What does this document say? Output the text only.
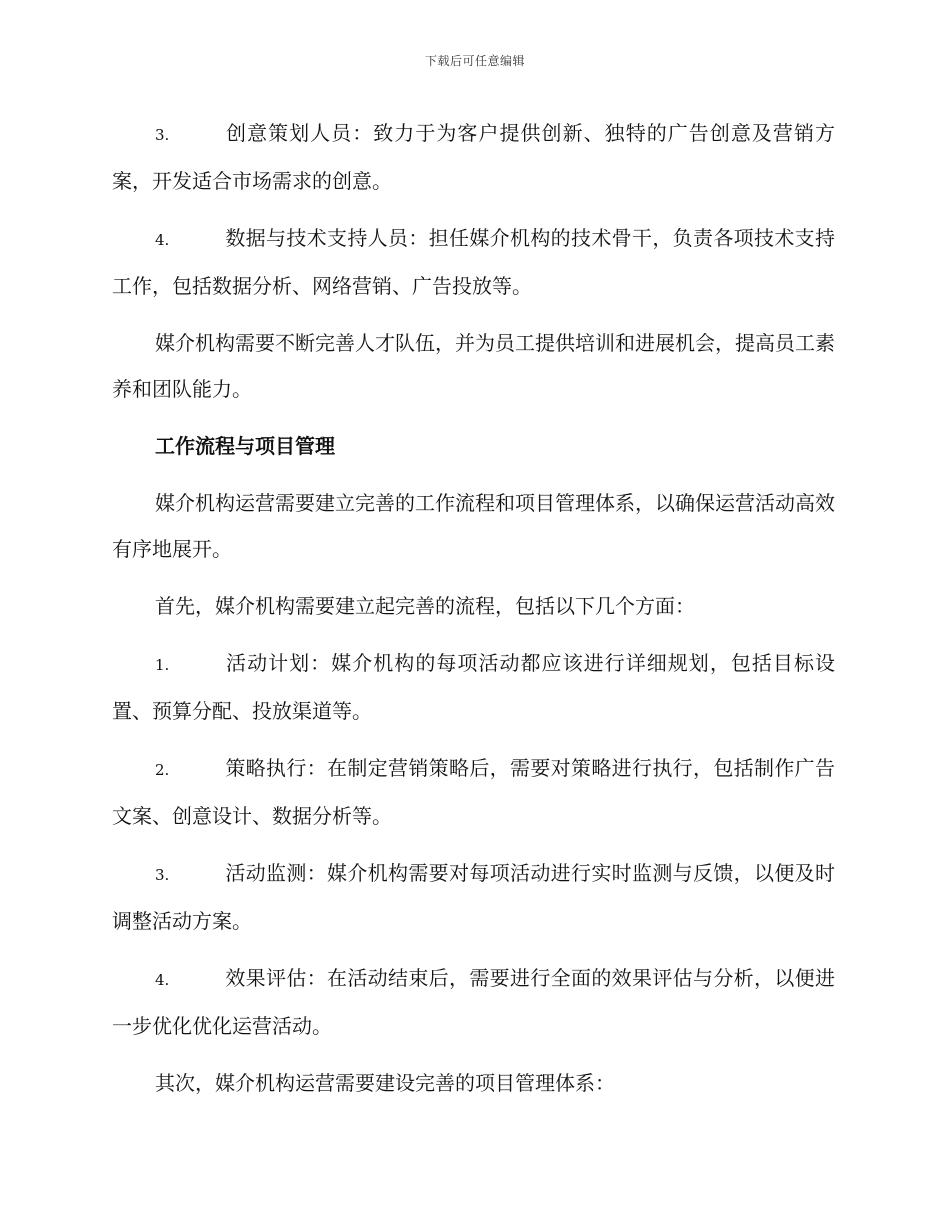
下载后可任意编辑

3.	创意策划人员：致力于为客户提供创新、独特的广告创意及营销方案，开发适合市场需求的创意。

4.	数据与技术支持人员：担任媒介机构的技术骨干，负责各项技术支持工作，包括数据分析、网络营销、广告投放等。

媒介机构需要不断完善人才队伍，并为员工提供培训和进展机会，提高员工素养和团队能力。

工作流程与项目管理

媒介机构运营需要建立完善的工作流程和项目管理体系，以确保运营活动高效有序地展开。

首先，媒介机构需要建立起完善的流程，包括以下几个方面：

1.	活动计划：媒介机构的每项活动都应该进行详细规划，包括目标设置、预算分配、投放渠道等。

2.	策略执行：在制定营销策略后，需要对策略进行执行，包括制作广告文案、创意设计、数据分析等。

3.	活动监测：媒介机构需要对每项活动进行实时监测与反馈，以便及时调整活动方案。

4.	效果评估：在活动结束后，需要进行全面的效果评估与分析，以便进一步优化优化运营活动。

其次，媒介机构运营需要建设完善的项目管理体系：
